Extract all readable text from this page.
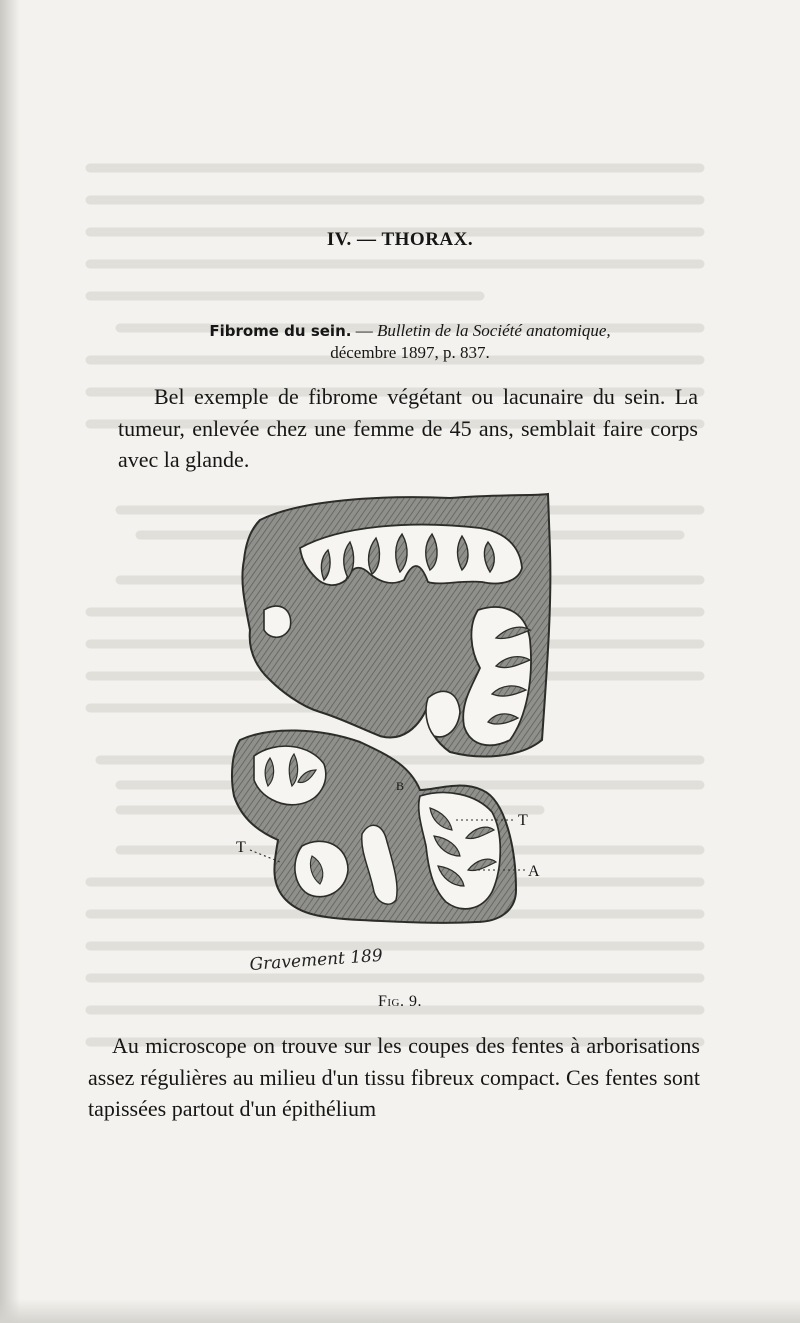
IV. — THORAX.

Fibrome du sein. — Bulletin de la Société anatomique,
décembre 1897, p. 837.

Bel exemple de fibrome végétant ou lacunaire du sein. La tumeur, enlevée chez une femme de 45 ans, semblait faire corps avec la glande.

T
A
B
T
Gravement 189

Fig. 9.

Au microscope on trouve sur les coupes des fentes à arborisations assez régulières au milieu d'un tissu fibreux compact. Ces fentes sont tapissées partout d'un épithélium
